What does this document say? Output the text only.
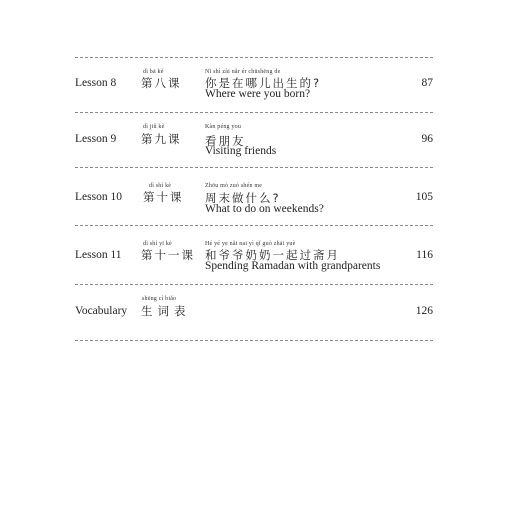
Lesson 8
dì bā kè
第八课
Nǐ shì zài nǎr ér chūshēng de
你是在哪儿出生的?
Where were you born?
87
Lesson 9
dì jiǔ kè
第九课
Kàn péng you
看朋友
Visiting friends
96
Lesson 10
dì shí kè
第十课
Zhōu mò zuò shén me
周末做什么?
What to do on weekends?
105
Lesson 11
dì shí yī kè
第十一课
Hé yé ye nǎi nai yì qǐ guò zhāi yuè
和爷爷奶奶一起过斋月
Spending Ramadan with grandparents
116
Vocabulary
shēng cí biǎo
生词表	126
